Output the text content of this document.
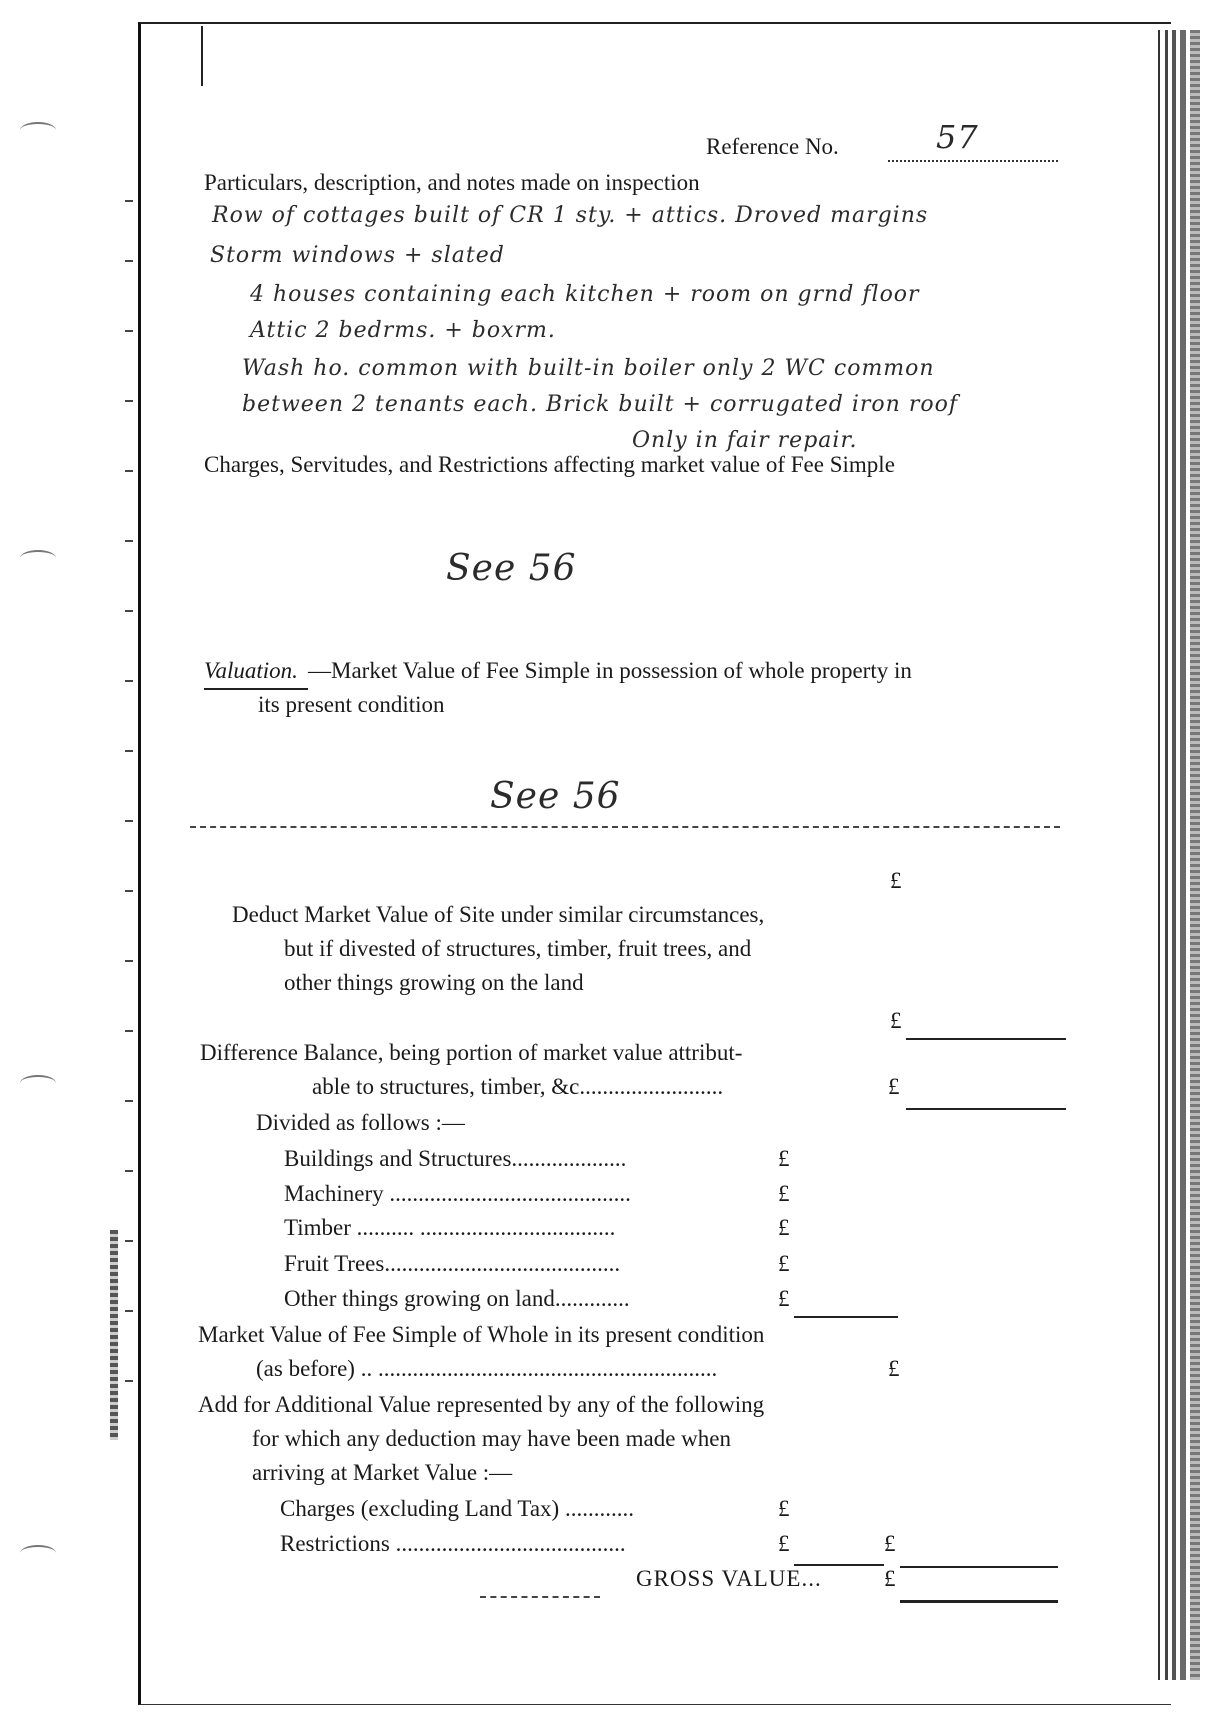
Reference No.	57
Particulars, description, and notes made on inspection
Row of cottages built of CR 1 sty. + attics. Droved margins
Storm windows + slated
4 houses containing each kitchen + room on grnd floor
Attic 2 bedrms. + boxrm.
Wash ho. common with built-in boiler only 2 WC common
between 2 tenants each. Brick built + corrugated iron roof
Only in fair repair.
Charges, Servitudes, and Restrictions affecting market value of Fee Simple
See 56
Valuation. —Market Value of Fee Simple in possession of whole property in
its present condition
See 56
£
Deduct Market Value of Site under similar circumstances,
but if divested of structures, timber, fruit trees, and
other things growing on the land
£
Difference Balance, being portion of market value attribut-
able to structures, timber, &c.........................	£
Divided as follows :—
Buildings and Structures....................	£
Machinery ..........................................	£
Timber .......... ..................................	£
Fruit Trees.........................................	£
Other things growing on land.............	£
Market Value of Fee Simple of Whole in its present condition
(as before) .. ...........................................................	£
Add for Additional Value represented by any of the following
for which any deduction may have been made when
arriving at Market Value :—
Charges (excluding Land Tax) ............	£
Restrictions ........................................	£	£
GROSS VALUE...	£
